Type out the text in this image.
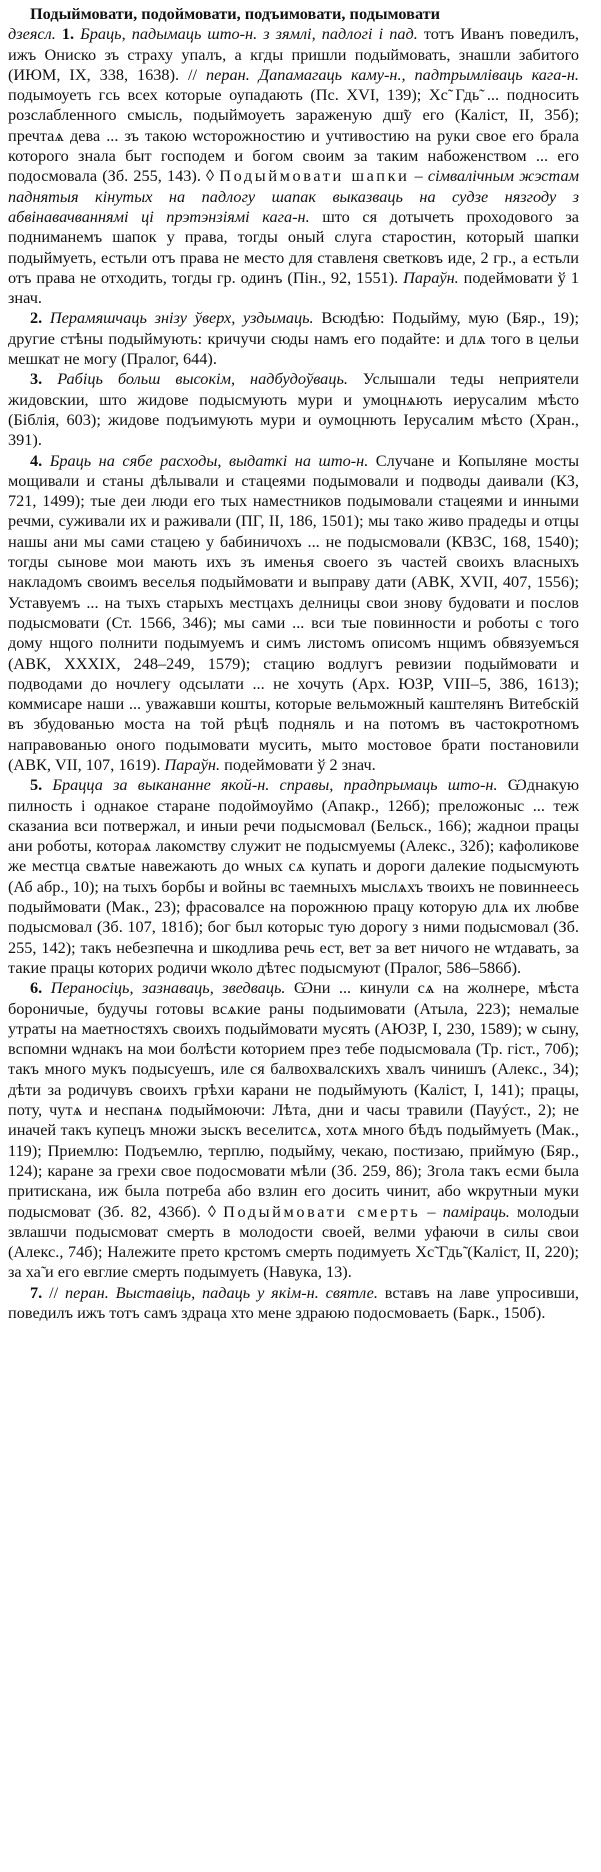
Подыймовати, подоймовати, подъимовати, подымовати
дзеясл. 1. Браць, падымаць што-н. з зямлі, падлогі і пад. тотъ Иванъ поведилъ, ижъ Ониско зъ страху упалъ, а кгды пришли подыймовать, знашли забитого (ИЮМ, IX, 338, 1638). // перан. Дапамагаць каму-н., падтрымліваць кага-н. подымоуеть гсь всех которые оупадають (Пс. XVI, 139); Хс̃ Гдь̃ ... подносить розслабленного смысль, подыймоуеть зараженую дш̃у его (Каліст, II, 35б); пречтаѧ дева ... зъ такою ѡсторожностию и учтивостию на руки свое его брала которого знала быт господем и богом своим за таким набоженством ... его подосмовала (Зб. 255, 143). ◊ Подыймовати шапки – сімвалічным жэстам паднятыя кінутых на падлогу шапак выказваць на судзе нязгоду з абвінавачваннямі ці прэтэнзіямі кага-н. што ся дотычеть проходового за подниманемъ шапок у права, тогды оный слуга старостин, который шапки подыймуеть, естьли отъ права не место для ставленя светковъ иде, 2 гр., а естьли отъ права не отходить, тогды гр. одинъ (Пін., 92, 1551). Параўн. подеймовати ў 1 знач.

2. Перамяшчаць знізу ўверх, уздымаць. Всюдѣю: Подыйму, мую (Бяр., 19); другие стѣны подыймують: кричучи сюды намъ его подайте: и длѧ того в цельи мешкат не могу (Пралог, 644).

3. Рабіць больш высокім, надбудоўваць. Услышали теды неприятели жидовскии, што жидове подысмують мури и умоцнѧють иерусалим мѣсто (Біблія, 603); жидове подъимують мури и оумоцнють Іерусалим мѣсто (Хран., 391).

4. Браць на сябе расходы, выдаткі на што-н. Случане и Копыляне мосты мощивали и станы дѣлывали и стацеями подымовали и подводы даивали (КЗ, 721, 1499); тые деи люди его тых наместников подымовали стацеями и инными речми, суживали их и раживали (ПГ, II, 186, 1501); мы тако живо прадеды и отцы нашы ани мы сами стацею у бабиничохъ ... не подысмовали (КВЗС, 168, 1540); тогды сынове мои мають ихъ зъ именья своего зъ частей своихъ власныхъ накладомъ своимъ веселья подыймовати и выправу дати (АВК, XVII, 407, 1556); Уставуемъ ... на тыхъ старыхъ местцахъ делницы свои знову будовати и послов подысмовати (Ст. 1566, 346); мы сами ... вси тые повинности и роботы с того дому нщого полнити подымуемъ и симъ листомъ описомъ нщимъ обвязуемъся (АВК, XXXIX, 248–249, 1579); стацию водлугъ ревизии подыймовати и подводами до ночлегу одсылати ... не хочуть (Арх. ЮЗР, VIII–5, 386, 1613); коммисаре наши ... уважавши кошты, которые вельможный каштелянъ Витебскій въ збудованью моста на той рѣцѣ подняль и на потомъ въ частокротномъ направованью оного подымовати мусить, мыто мостовое брати постановили (АВК, VII, 107, 1619). Параўн. подеймовати ў 2 знач.

5. Брацца за выкананне якой-н. справы, прадпрымаць што-н. Ѡднакую пилность і однакое старане подоймоуймо (Апакр., 126б); преложоныс ... теж сказаниа вси потвержал, и иныи речи подысмовал (Бельск., 166); жаднои працы ани роботы, котораѧ лакомству служит не подысмуемы (Алекс., 32б); кафоликове же местца свѧтые навежають до ѡных сѧ купать и дороги далекие подысмують (Аб абр., 10); на тыхъ борбы и войны вс таемныхъ мыслѧхъ твоихъ не повиннеесь подыймовати (Мак., 23); фрасовалсе на порожнюю працу которую длѧ их любве подысмовал (Зб. 107, 181б); бог был которыс тую дорогу з ними подысмовал (Зб. 255, 142); такъ небезпечна и шкодлива речь ест, вет за вет ничого не ѡтдавать, за такие працы которих родичи ѡколо дѣтес подысмуют (Пралог, 586–586б).

6. Пераносіць, зазнаваць, зведваць. Ѡни ... кинули сѧ на жолнере, мѣста бороничые, будучы готовы всѧкие раны подыимовати (Атыла, 223); немалые утраты на маетностяхъ своихъ подыймовати мусять (АЮЗР, I, 230, 1589); ѡ сыну, вспомни ѡднакъ на мои болѣсти которием през тебе подысмовала (Тр. гіст., 70б); такъ много мукъ подысуешъ, иле ся балвохвалскихъ хвалъ чинишъ (Алекс., 34); дѣти за родичувъ своихъ грѣхи карани не подыймують (Каліст, I, 141); працы, поту, чутѧ и неспанѧ подыймоючи: Лѣта, дни и часы травили (Пауýст., 2); не иначей такъ купецъ множи зыскъ веселитсѧ, хотѧ много бѣдъ подыймуеть (Мак., 119); Приемлю: Подъемлю, терплю, подыйму, чекаю, постизаю, приймую (Бяр., 124); каране за грехи свое подосмовати мѣли (Зб. 259, 86); Згола такъ есми была притискана, иж была потреба або взлин его досить чинит, або ѡкрутныи муки подысмоват (Зб. 82, 436б). ◊ Подыймовати смерть – паміраць. молодыи звлашчи подысмоват смерть в молодости своей, велми уфаючи в силы свои (Алекс., 74б); Належите прето крстомъ смерть подимуеть Хс̃ Гдь̃ (Каліст, II, 220); за ха̃ и его евглие смерть подымуеть (Навука, 13).

7. // перан. Выставіць, падаць у якім-н. святле. вставъ на лаве упросивши, поведилъ ижъ тотъ самъ здраца хто мене здраюю подосмоваеть (Барк., 150б).
